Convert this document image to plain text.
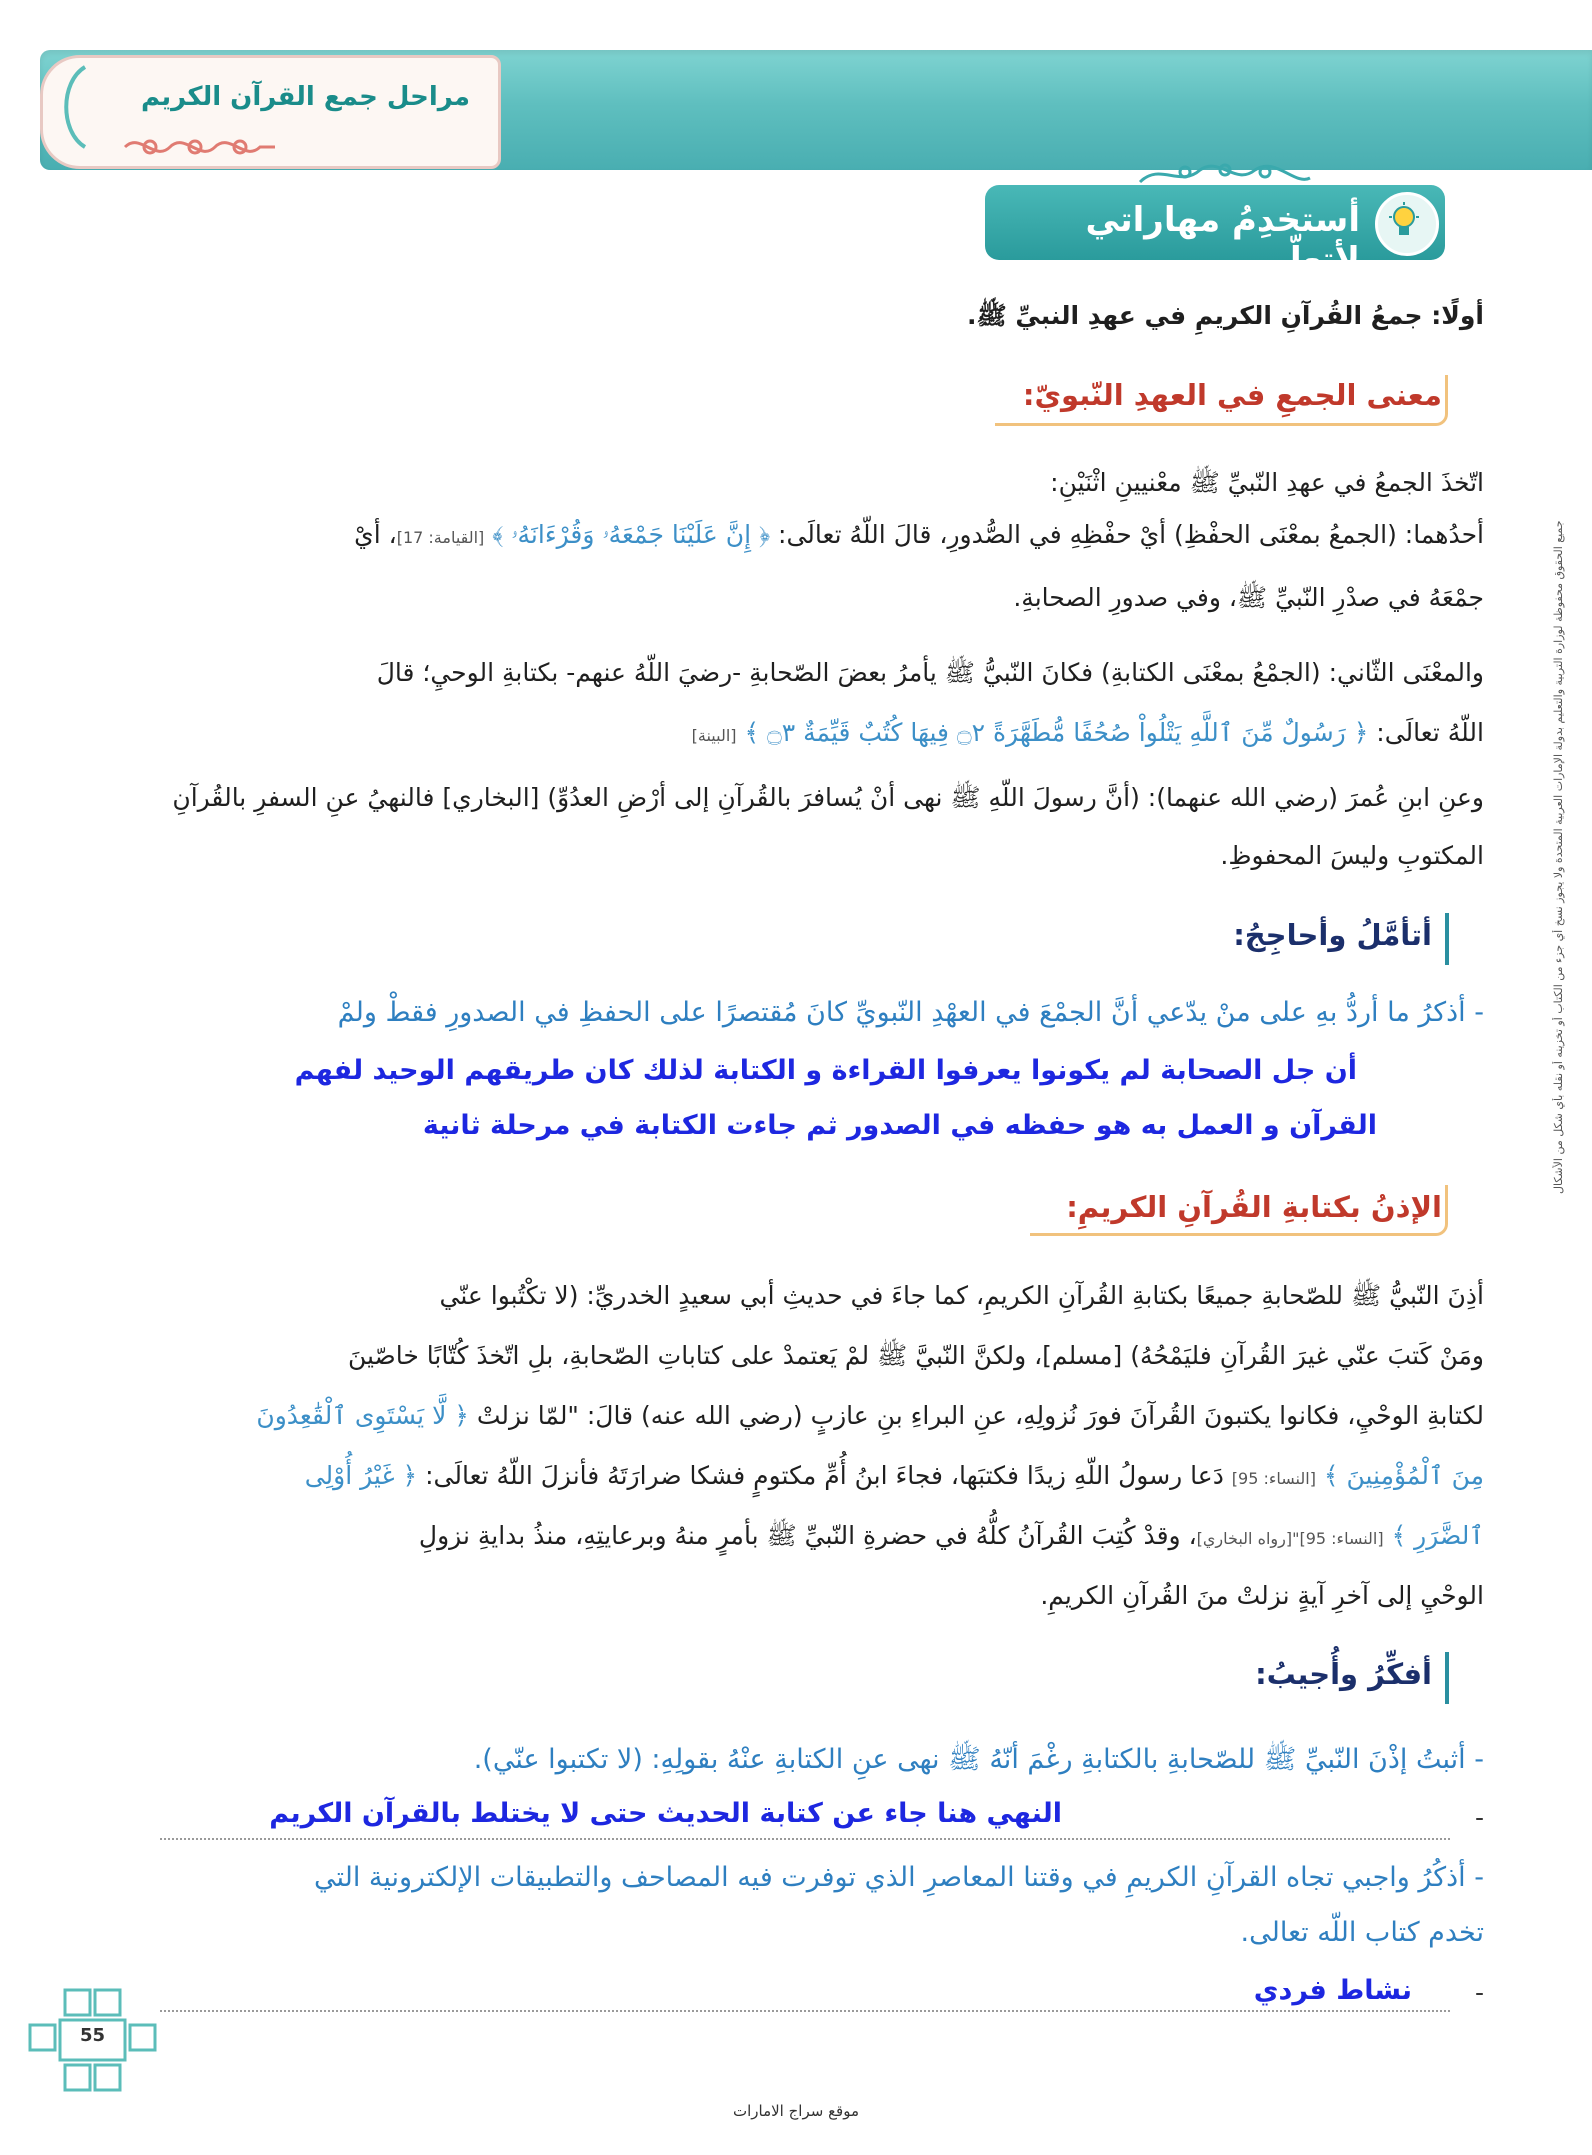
جميع الحقوق محفوظة لوزارة التربية والتعليم بدولة الإمارات العربية المتحدة ولا يجوز نسخ أي جزء من الكتاب أو تخزينه أو نقله بأي شكل من الأشكال
مراحل جمع القرآن الكريم
أستخدِمُ مهاراتي لأتعلّم
أولًا: جمعُ القُرآنِ الكريمِ في عهدِ النبيِّ ﷺ.
معنى الجمعِ في العهدِ النّبويّ:
اتّخذَ الجمعُ في عهدِ النّبيِّ ﷺ معْنيينِ اثْنَيْنِ:
أحدُهما: (الجمعُ بمعْنَى الحفْظِ) أيْ حفْظِهِ في الصُّدورِ، قالَ اللّهُ تعالَى: ﴿ إِنَّ عَلَيْنَا جَمْعَهُۥ وَقُرْءَانَهُۥ ﴾ [القيامة: 17]، أيْ
جمْعَهُ في صدْرِ النّبيِّ ﷺ، وفي صدورِ الصحابةِ.
والمعْنَى الثّاني: (الجمْعُ بمعْنَى الكتابةِ) فكانَ النّبيُّ ﷺ يأمرُ بعضَ الصّحابةِ -رضيَ اللّهُ عنهم- بكتابةِ الوحيِ؛ قالَ
اللّهُ تعالَى: ﴿ رَسُولٌ مِّنَ ٱللَّهِ يَتْلُواْ صُحُفًا مُّطَهَّرَةً ۝٢ فِيهَا كُتُبٌ قَيِّمَةٌ ۝٣ ﴾ [البينة]
وعنِ ابنِ عُمرَ (رضي الله عنهما): (أنَّ رسولَ اللّهِ ﷺ نهى أنْ يُسافرَ بالقُرآنِ إلى أرْضِ العدُوِّ) [البخاري] فالنهيُ عنِ السفرِ بالقُرآنِ
المكتوبِ وليسَ المحفوظِ.
أتأمَّلُ وأحاجِجُ:
- أذكرُ ما أردُّ بهِ على منْ يدّعي أنَّ الجمْعَ في العهْدِ النّبويِّ كانَ مُقتصرًا على الحفظِ في الصدورِ فقطْ ولمْ
أن جل الصحابة لم يكونوا يعرفوا القراءة و الكتابة لذلك كان طريقهم الوحيد لفهم
القرآن و العمل به هو حفظه في الصدور ثم جاءت الكتابة في مرحلة ثانية
الإذنُ بكتابةِ القُرآنِ الكريمِ:
أذِنَ النّبيُّ ﷺ للصّحابةِ جميعًا بكتابةِ القُرآنِ الكريمِ، كما جاءَ في حديثِ أبي سعيدٍ الخدريِّ: (لا تكْتُبوا عنّي
ومَنْ كَتبَ عنّي غيرَ القُرآنِ فليَمْحُهُ) [مسلم]، ولكنَّ النّبيَّ ﷺ لمْ يَعتمدْ على كتاباتِ الصّحابةِ، بلِ اتّخذَ كُتّابًا خاصّينَ
لكتابةِ الوحْيِ، فكانوا يكتبونَ القُرآنَ فورَ نُزولِهِ، عنِ البراءِ بنِ عازبٍ (رضي الله عنه) قالَ: "لمّا نزلتْ ﴿ لَّا يَسْتَوِى ٱلْقَٰعِدُونَ
مِنَ ٱلْمُؤْمِنِينَ ﴾ [النساء: 95] دَعا رسولُ اللّهِ زيدًا فكتبَها، فجاءَ ابنُ أُمِّ مكتومٍ فشكا ضرارَتَهُ فأنزلَ اللّهُ تعالَى: ﴿ غَيْرُ أُوْلِى
ٱلضَّرَرِ ﴾ [النساء: 95]"[رواه البخاري]، وقدْ كُتِبَ القُرآنُ كلُّهُ في حضرةِ النّبيِّ ﷺ بأمرٍ منهُ وبرعايتِهِ، منذُ بدايةِ نزولِ
الوحْيِ إلى آخرِ آيةٍ نزلتْ منَ القُرآنِ الكريمِ.
أفكِّرُ وأُجيبُ:
- أثبتُ إذْنَ النّبيِّ ﷺ للصّحابةِ بالكتابةِ رغْمَ أنّهُ ﷺ نهى عنِ الكتابةِ عنْهُ بقولِهِ: (لا تكتبوا عنّي).
-
النهي هنا جاء عن كتابة الحديث حتى لا يختلط بالقرآن الكريم
- أذكُرُ واجبي تجاه القرآنِ الكريمِ في وقتنا المعاصرِ الذي توفرت فيه المصاحف والتطبيقات الإلكترونية التي
تخدم كتاب اللّه تعالى.
-
نشاط فردي
55
موقع سراج الامارات
